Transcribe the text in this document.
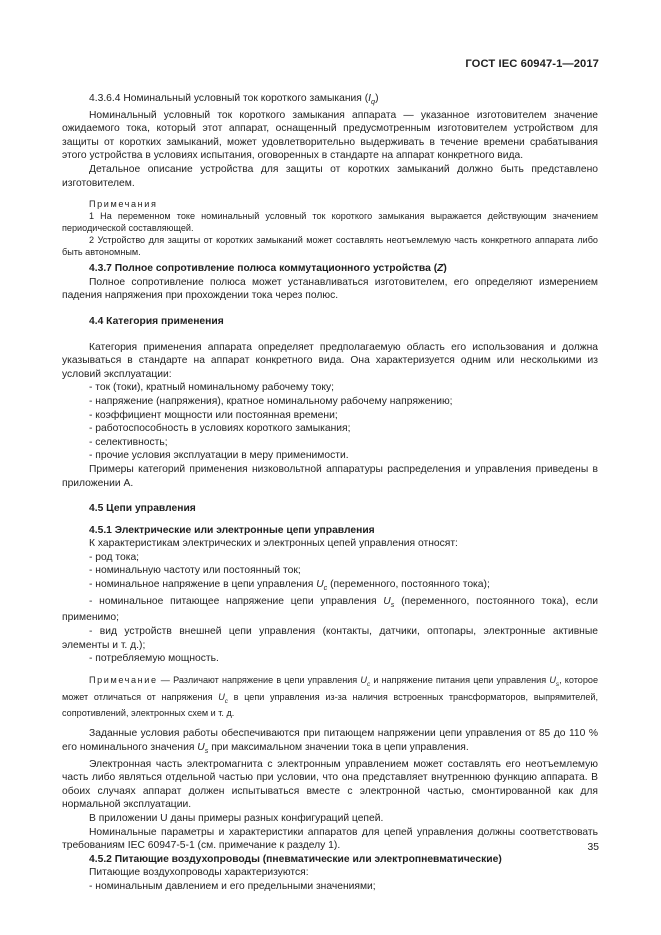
ГОСТ IEC 60947-1—2017

4.3.6.4 Номинальный условный ток короткого замыкания $(I_q)$

Номинальный условный ток короткого замыкания аппарата — указанное изготовителем значение ожидаемого тока, который этот аппарат, оснащенный предусмотренным изготовителем устройством для защиты от коротких замыканий, может удовлетворительно выдерживать в течение времени срабатывания этого устройства в условиях испытания, оговоренных в стандарте на аппарат конкретного вида.

Детальное описание устройства для защиты от коротких замыканий должно быть представлено изготовителем.

Примечания

1 На переменном токе номинальный условный ток короткого замыкания выражается действующим значением периодической составляющей.

2 Устройство для защиты от коротких замыканий может составлять неотъемлемую часть конкретного аппарата либо быть автономным.

4.3.7 Полное сопротивление полюса коммутационного устройства (Z)

Полное сопротивление полюса может устанавливаться изготовителем, его определяют измерением падения напряжения при прохождении тока через полюс.

4.4 Категория применения

Категория применения аппарата определяет предполагаемую область его использования и должна указываться в стандарте на аппарат конкретного вида. Она характеризуется одним или несколькими из условий эксплуатации:

- ток (токи), кратный номинальному рабочему току;
- напряжение (напряжения), кратное номинальному рабочему напряжению;
- коэффициент мощности или постоянная времени;
- работоспособность в условиях короткого замыкания;
- селективность;
- прочие условия эксплуатации в меру применимости.

Примеры категорий применения низковольтной аппаратуры распределения и управления приведены в приложении А.

4.5 Цепи управления

4.5.1 Электрические или электронные цепи управления

К характеристикам электрических и электронных цепей управления относят:

- род тока;
- номинальную частоту или постоянный ток;
- номинальное напряжение в цепи управления $U_c$ (переменного, постоянного тока);
- номинальное питающее напряжение цепи управления $U_s$ (переменного, постоянного тока), если применимо;
- вид устройств внешней цепи управления (контакты, датчики, оптопары, электронные активные элементы и т. д.);
- потребляемую мощность.

Примечание — Различают напряжение в цепи управления $U_c$ и напряжение питания цепи управления $U_s$, которое может отличаться от напряжения $U_c$ в цепи управления из-за наличия встроенных трансформаторов, выпрямителей, сопротивлений, электронных схем и т. д.

Заданные условия работы обеспечиваются при питающем напряжении цепи управления от 85 до 110 % его номинального значения $U_s$ при максимальном значении тока в цепи управления.

Электронная часть электромагнита с электронным управлением может составлять его неотъемлемую часть либо являться отдельной частью при условии, что она представляет внутреннюю функцию аппарата. В обоих случаях аппарат должен испытываться вместе с электронной частью, смонтированной как для нормальной эксплуатации.

В приложении U даны примеры разных конфигураций цепей.

Номинальные параметры и характеристики аппаратов для цепей управления должны соответствовать требованиям IEC 60947-5-1 (см. примечание к разделу 1).

4.5.2 Питающие воздухопроводы (пневматические или электропневматические)

Питающие воздухопроводы характеризуются:

- номинальным давлением и его предельными значениями;
35
